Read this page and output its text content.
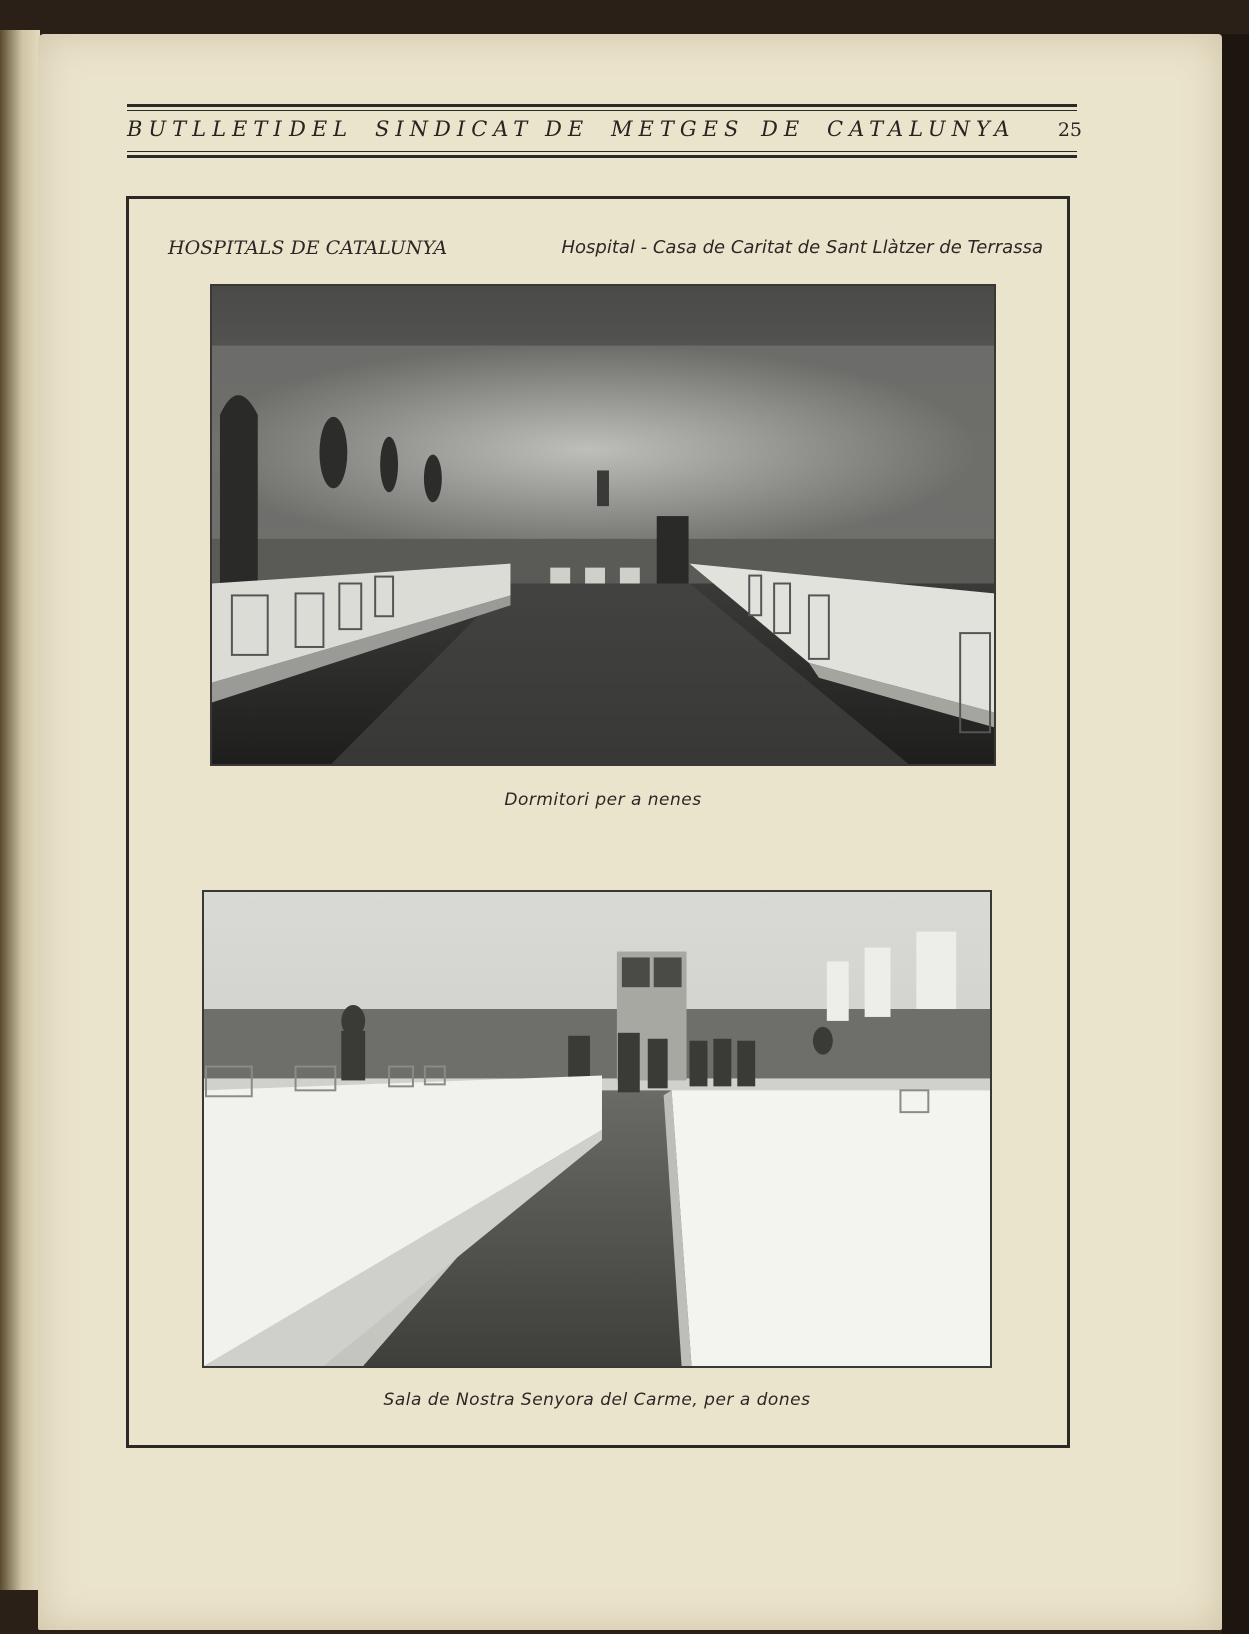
BUTLLETIDEL SINDICAT DE METGES DE CATALUNYA	25
HOSPITALS DE CATALUNYA	Hospital - Casa de Caritat de Sant Llàtzer de Terrassa
Dormitori per a nenes
Sala de Nostra Senyora del Carme, per a dones
